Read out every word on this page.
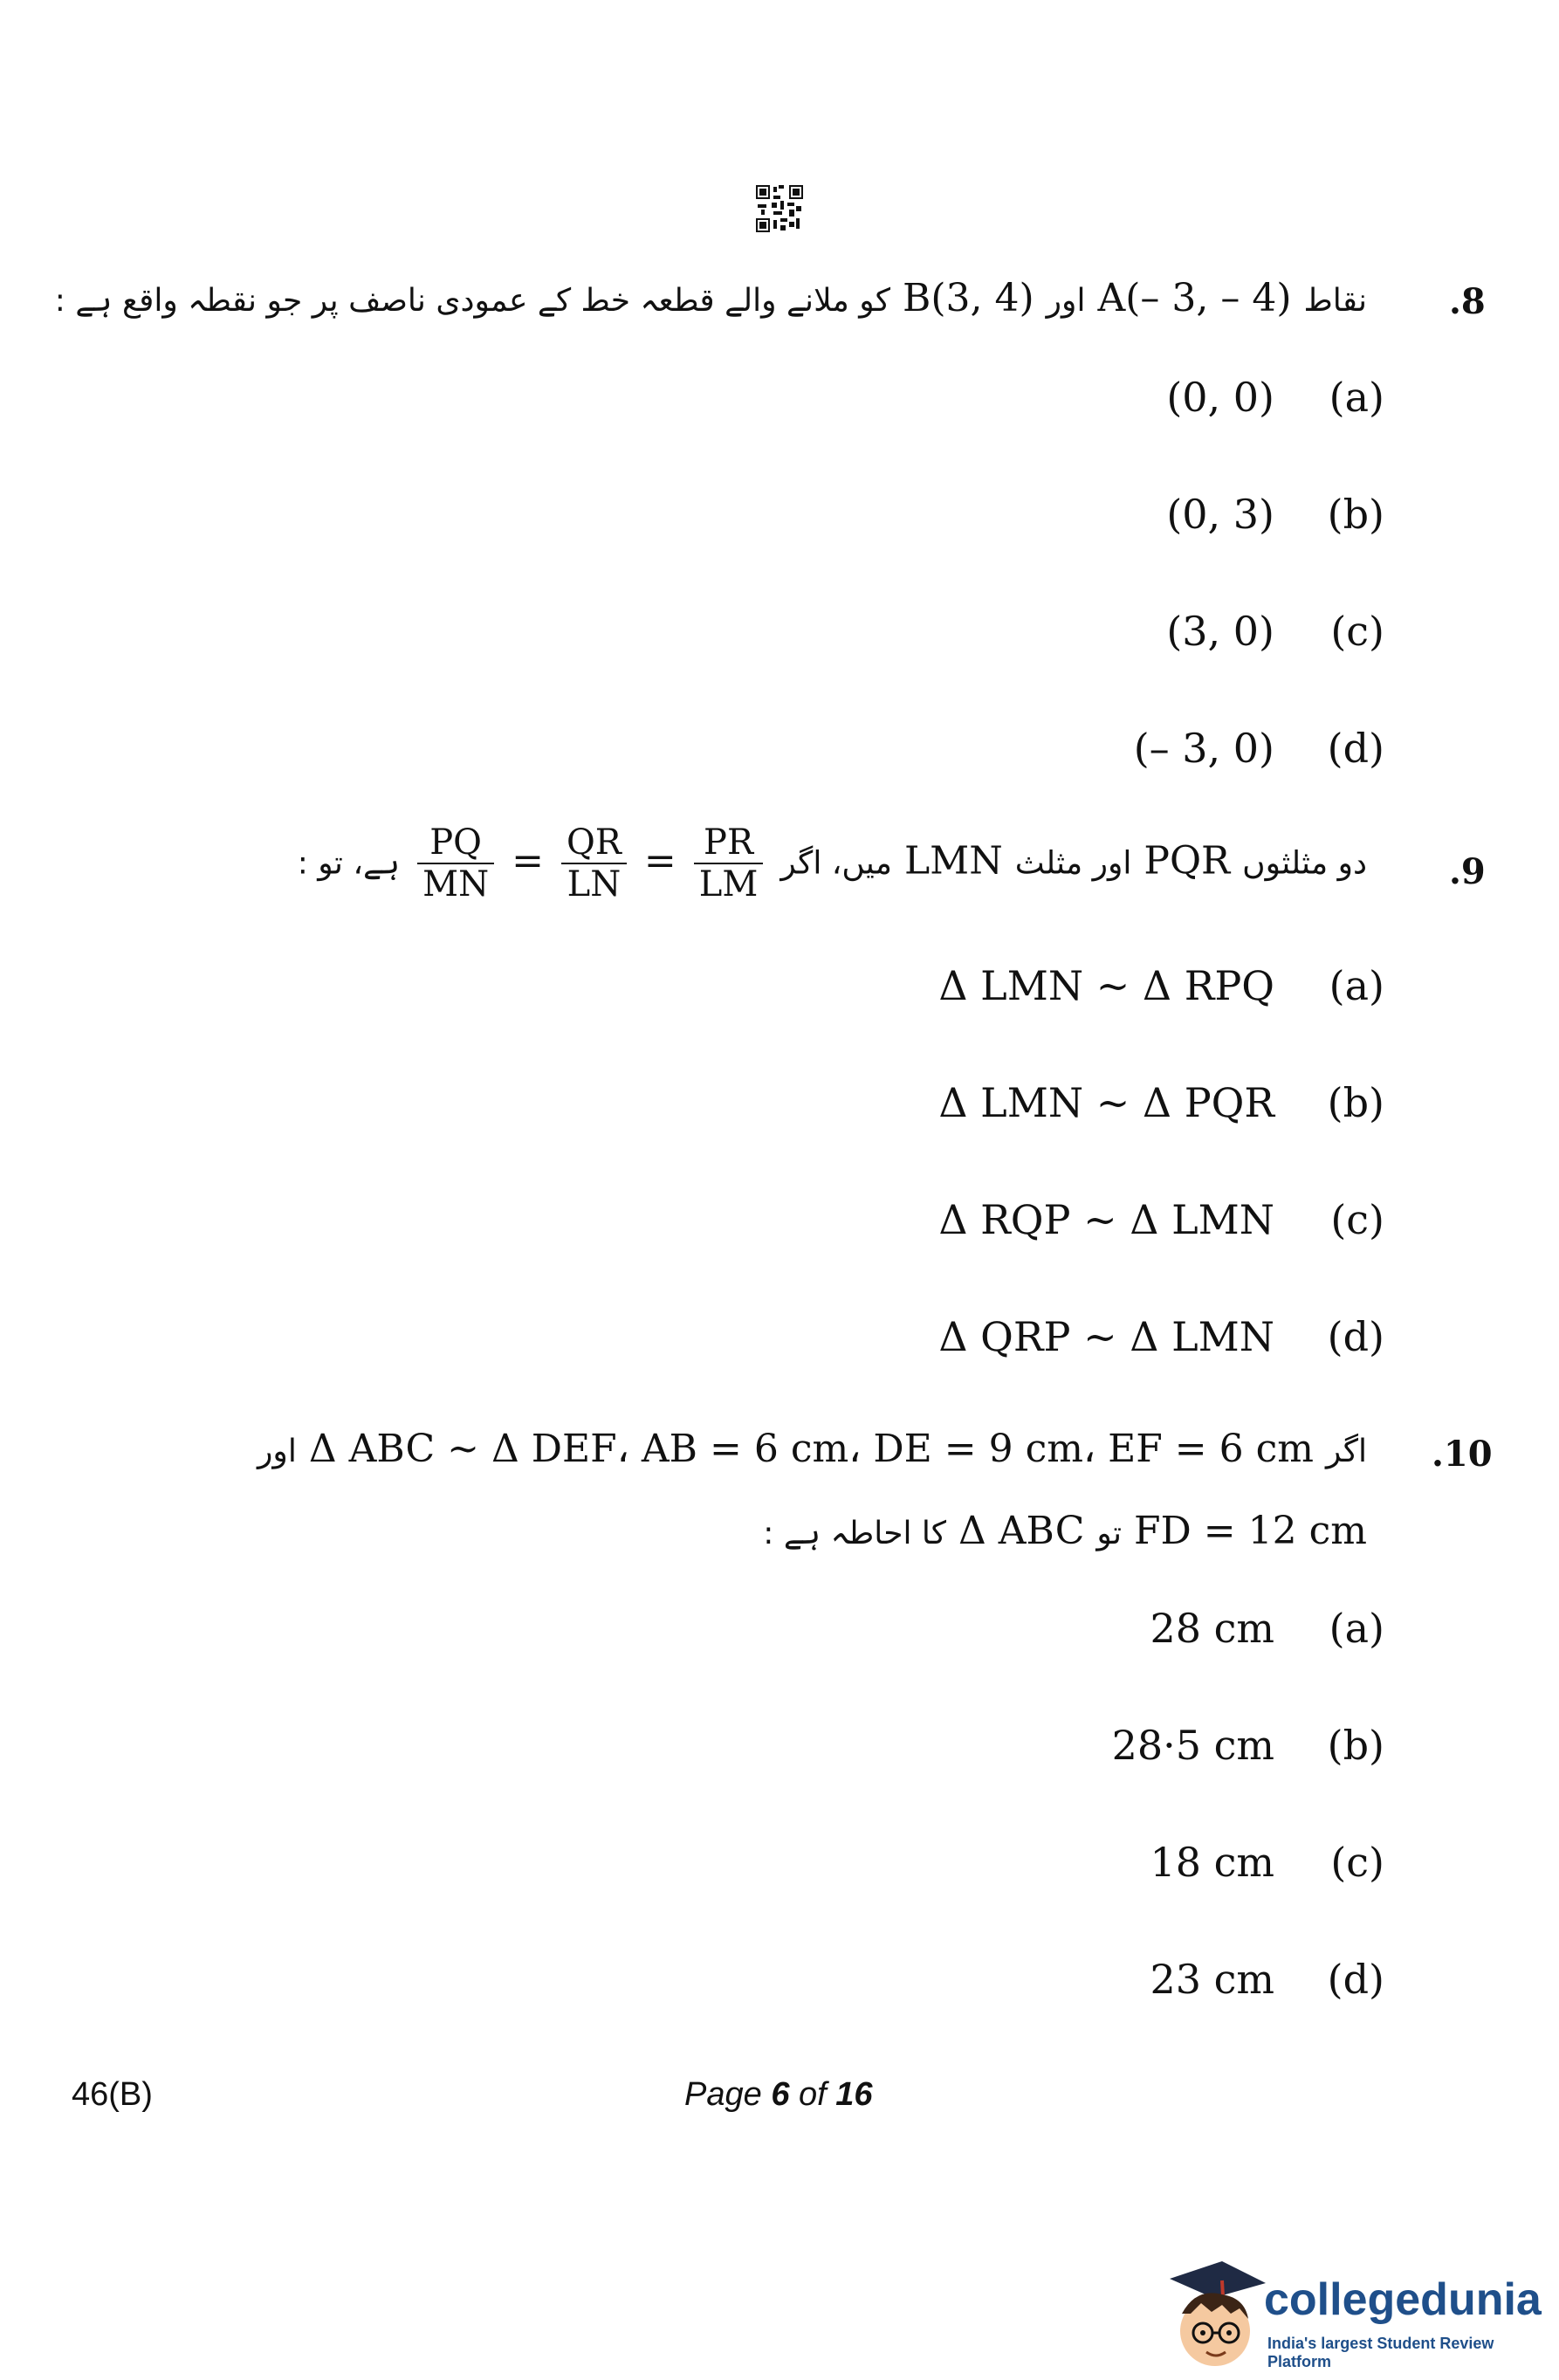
.8
نقاط A(– 3, – 4) اور B(3, 4) کو ملانے والے قطعہ خط کے عمودی ناصف پر جو نقطہ واقع ہے :
(0, 0) (a)
(0, 3) (b)
(3, 0) (c)
(– 3, 0) (d)
.9
دو مثلثوں PQR اور مثلث LMN میں، اگر
$\frac{PR}{LM}$
=
$\frac{QR}{LN}$
=
$\frac{PQ}{MN}$
ہے، تو :
Δ LMN ~ Δ RPQ (a)
Δ LMN ~ Δ PQR (b)
Δ RQP ~ Δ LMN (c)
Δ QRP ~ Δ LMN (d)
.10
اگر Δ ABC ~ Δ DEF، AB = 6 cm، DE = 9 cm، EF = 6 cm اور
FD = 12 cm تو Δ ABC کا احاطہ ہے :
28 cm (a)
28·5 cm (b)
18 cm (c)
23 cm (d)
46(B)	Page 6 of 16
collegedunia
India's largest Student Review Platform
